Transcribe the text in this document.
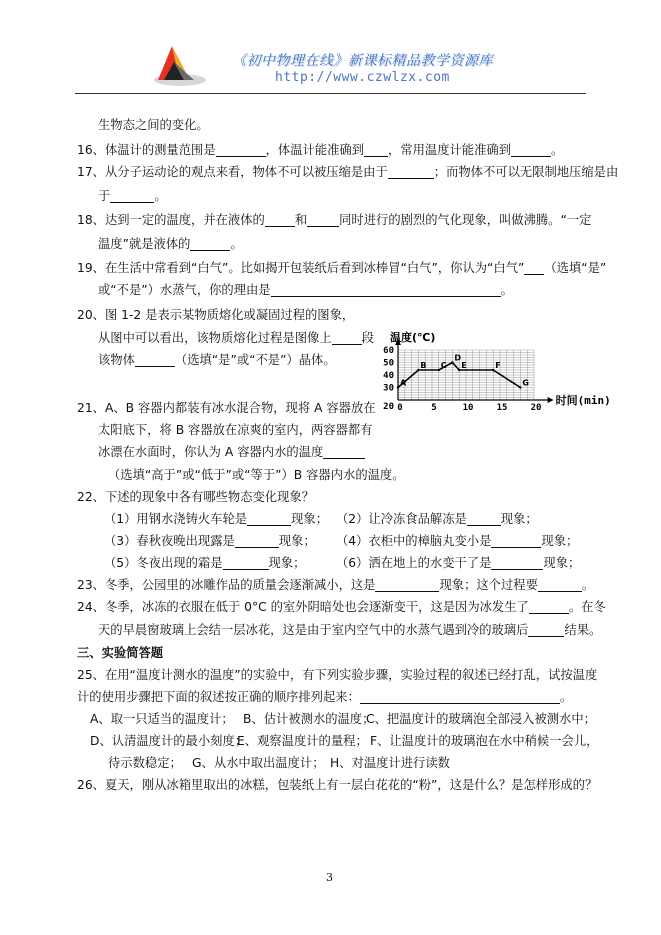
《初中物理在线》新课标精品教学资源库
http://www.czwlzx.com
生物态之间的变化。
16、体温计的测量范围是	，体温计能准确到 ，常用温度计能准确到	。
17、从分子运动论的观点来看，物体不可以被压缩是由于	；而物体不可以无限制地压缩是由
于	。
18、达到一定的温度，并在液体的 和	同时进行的剧烈的气化现象，叫做沸腾。“一定
温度”就是液体的	。
19、在生活中常看到“白气”。比如揭开包装纸后看到冰棒冒“白气”，你认为“白气” （选填“是”
或“不是”）水蒸气，你的理由是	。
20、图 1-2 是表示某物质熔化或凝固过程的图象，
从图中可以看出，该物质熔化过程是图像上 段
该物体	（选填“是”或“不是”）晶体。
温度(℃)
时间(min)
30
40
50
60
20 0	5	10	15	20
A
B C
D
E	F
G
21、A、B 容器内都装有冰水混合物，现将 A 容器放在
太阳底下，将 B 容器放在凉爽的室内，两容器都有
冰漂在水面时，你认为 A 容器内水的温度
（选填“高于”或“低于”或“等于”）B 容器内水的温度。
22、下述的现象中各有哪些物态变化现象？
（1）用钢水浇铸火车轮是	现象； （2）让冷冻食品解冻是	现象；
（3）春秋夜晚出现露是	现象； （4）衣柜中的樟脑丸变小是	现象；
（5）冬夜出现的霜是	现象； （6）洒在地上的水变干了是	现象；
23、冬季，公园里的冰雕作品的质量会逐渐减小，这是	现象；这个过程要	。
24、冬季，冰冻的衣服在低于 0°C 的室外阴暗处也会逐渐变干，这是因为冰发生了	。在冬
天的早晨窗玻璃上会结一层冰花，这是由于室内空气中的水蒸气遇到冷的玻璃后	结果。
三、实验简答题
25、在用“温度计测水的温度”的实验中，有下列实验步骤，实验过程的叙述已经打乱，试按温度
计的使用步骤把下面的叙述按正确的顺序排列起来：	。
A、取一只适当的温度计； B、估计被测水的温度；
C、把温度计的玻璃泡全部浸入被测水中；
D、认清温度计的最小刻度；
E、观察温度计的量程； F、让温度计的玻璃泡在水中稍候一会儿，
待示数稳定； G、从水中取出温度计； H、对温度计进行读数
26、夏天，刚从冰箱里取出的冰糕，包装纸上有一层白花花的“粉”，这是什么？是怎样形成的？
3
